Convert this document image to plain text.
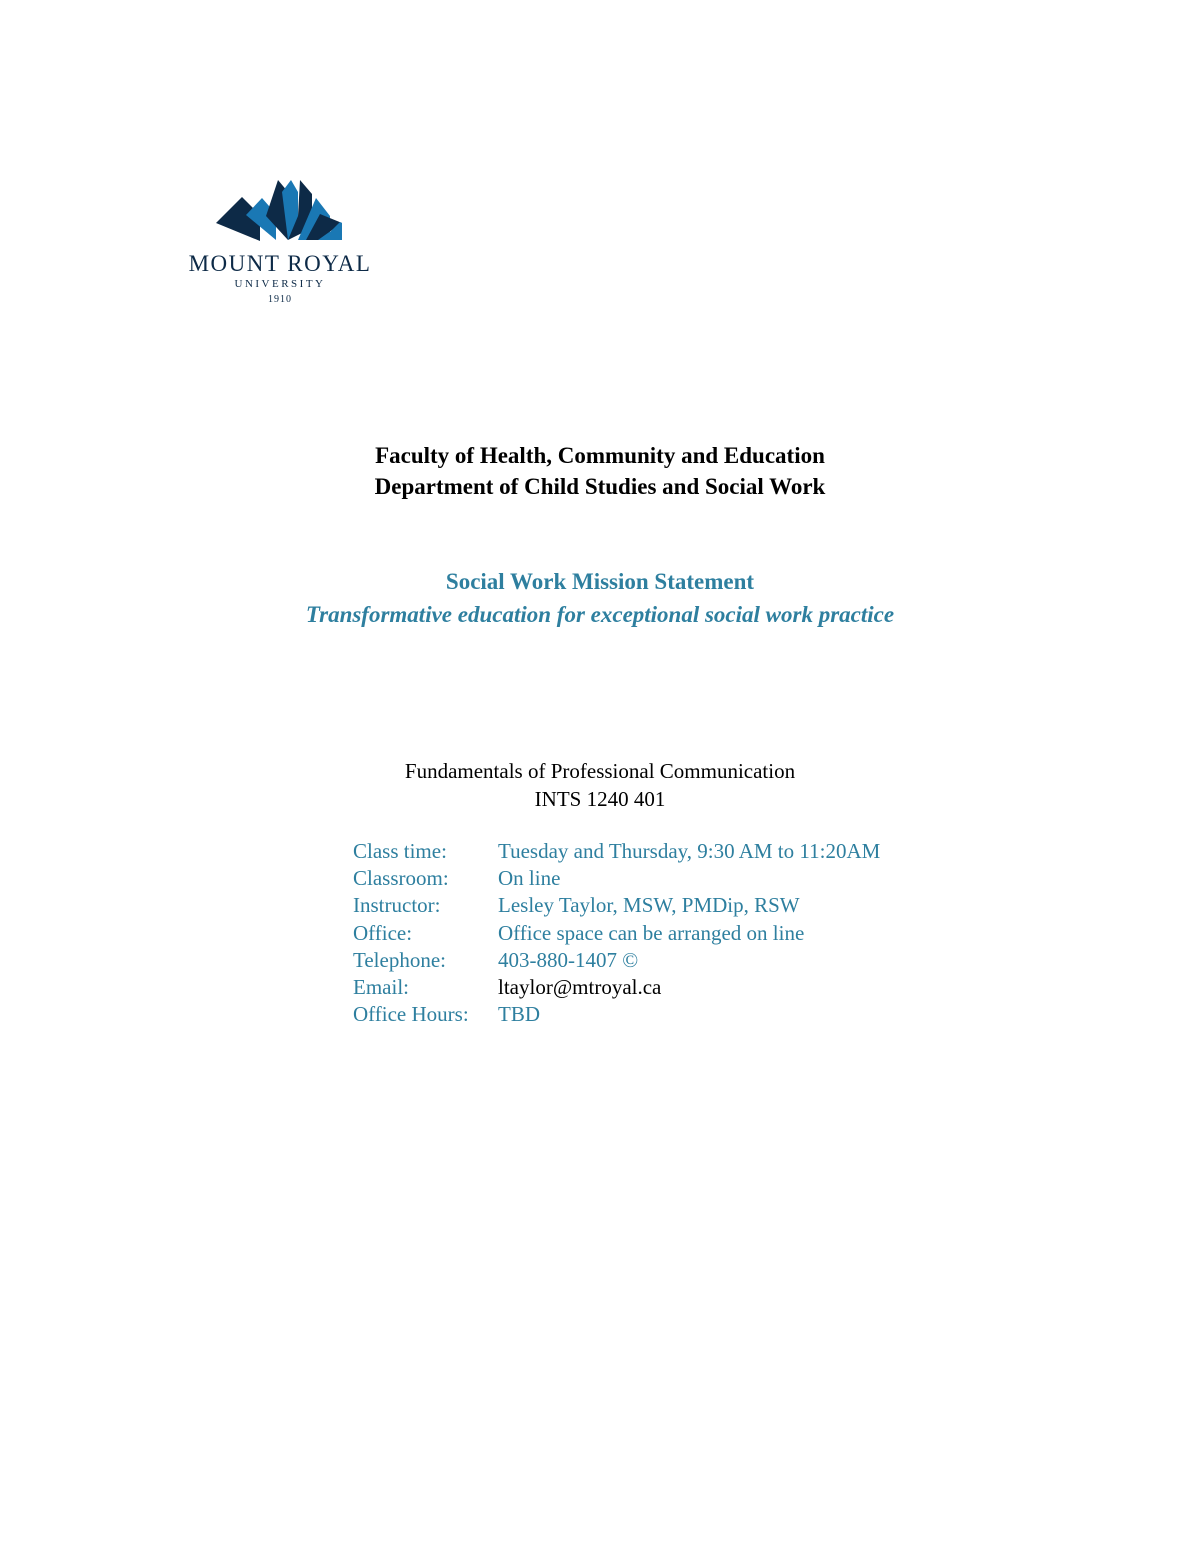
MOUNT ROYAL
UNIVERSITY
1910
Faculty of Health, Community and Education
Department of Child Studies and Social Work
Social Work Mission Statement
Transformative education for exceptional social work practice
Fundamentals of Professional Communication
INTS 1240 401
Class time:	Tuesday and Thursday, 9:30 AM to 11:20AM
Classroom:	On line
Instructor:	Lesley Taylor, MSW, PMDip, RSW
Office:	Office space can be arranged on line
Telephone:	403-880-1407 ©
Email:	ltaylor@mtroyal.ca
Office Hours:	TBD
